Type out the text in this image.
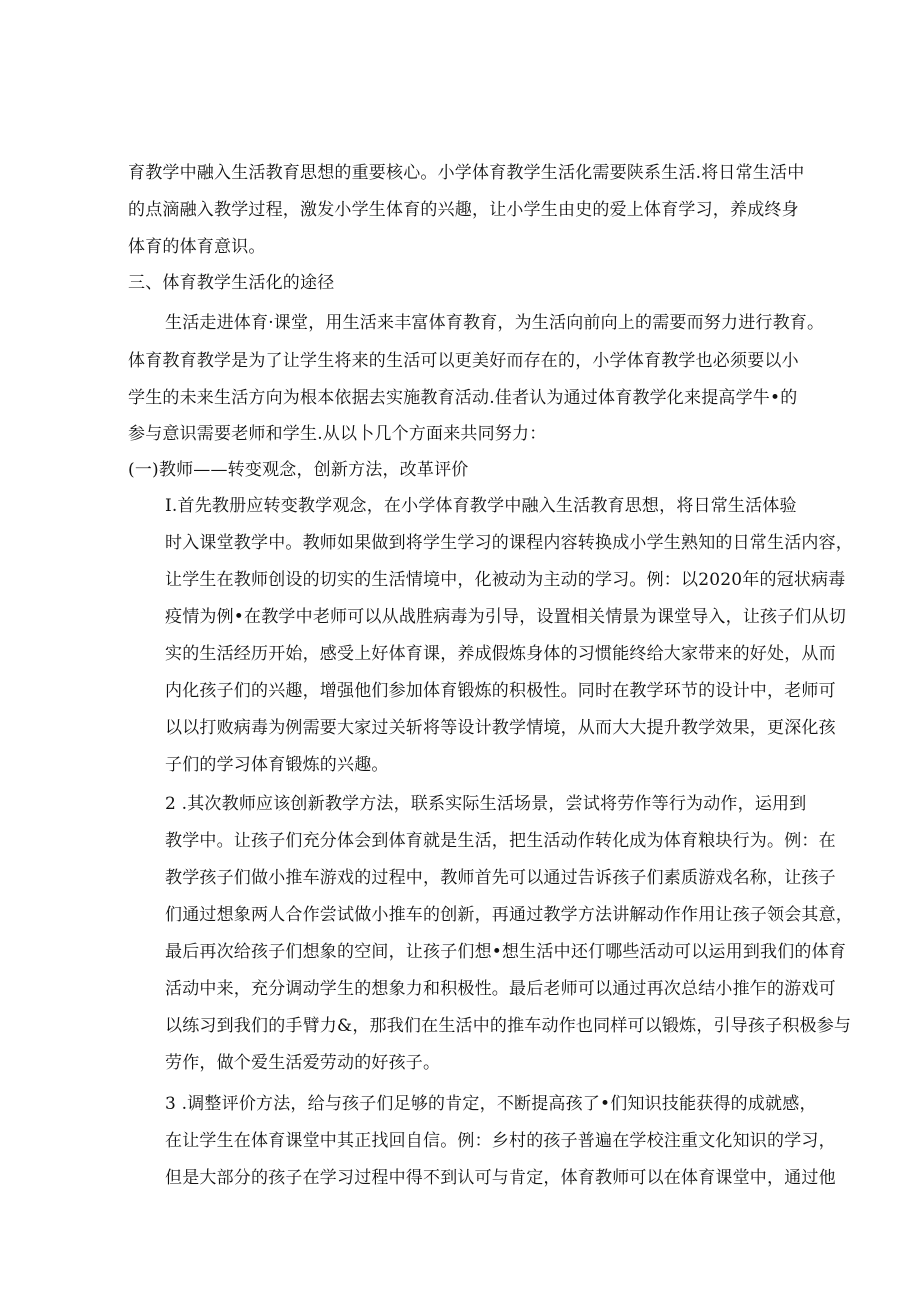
育教学中融入生活教育思想的重要核心。小学体育教学生活化需要陕系生活.将日常生活中
的点滴融入教学过程，激发小学生体育的兴趣，让小学生由史的爱上体育学习，养成终身
体育的体育意识。
三、体育教学生活化的途径
生活走进体育·课堂，用生活来丰富体育教育，为生活向前向上的需要而努力进行教育。
体育教育教学是为了让学生将来的生活可以更美好而存在的，小学体育教学也必须要以小
学生的未来生活方向为根本依据去实施教育活动.佳者认为通过体育教学化来提高学牛•的
参与意识需要老师和学生.从以卜几个方面来共同努力：
(一)教师——转变观念，创新方法，改革评价
I.首先教册应转变教学观念，在小学体育教学中融入生活教育思想，将日常生活体验
时入课堂教学中。教师如果做到将学生学习的课程内容转换成小学生熟知的日常生活内容，
让学生在教师创设的切实的生活情境中，化被动为主动的学习。例：以2020年的冠状病毒
疫情为例•在教学中老师可以从战胜病毒为引导，设置相关情景为课堂导入，让孩子们从切
实的生活经历开始，感受上好体育课，养成假炼身体的习惯能终给大家带来的好处，从而
内化孩子们的兴趣，增强他们参加体育锻炼的积极性。同时在教学环节的设计中，老师可
以以打败病毒为例需要大家过关斩将等设计教学情境，从而大大提升教学效果，更深化孩
子们的学习体育锻炼的兴趣。
2 .其次教师应该创新教学方法，联系实际生活场景，尝试将劳作等行为动作，运用到
教学中。让孩子们充分体会到体育就是生活，把生活动作转化成为体育粮块行为。例：在
教学孩子们做小推车游戏的过程中，教师首先可以通过告诉孩子们素质游戏名称，让孩子
们通过想象两人合作尝试做小推车的创新，再通过教学方法讲解动作作用让孩子领会其意，
最后再次给孩子们想象的空间，让孩子们想•想生活中还仃哪些活动可以运用到我们的体育
活动中来，充分调动学生的想象力和积极性。最后老师可以通过再次总结小推乍的游戏可
以练习到我们的手臂力&，那我们在生活中的推车动作也同样可以锻炼，引导孩子积极参与
劳作，做个爱生活爱劳动的好孩子。
3 .调整评价方法，给与孩子们足够的肯定，不断提高孩了•们知识技能获得的成就感，
在让学生在体育课堂中其正找回自信。例：乡村的孩子普遍在学校注重文化知识的学习，
但是大部分的孩子在学习过程中得不到认可与肯定，体育教师可以在体育课堂中，通过他
